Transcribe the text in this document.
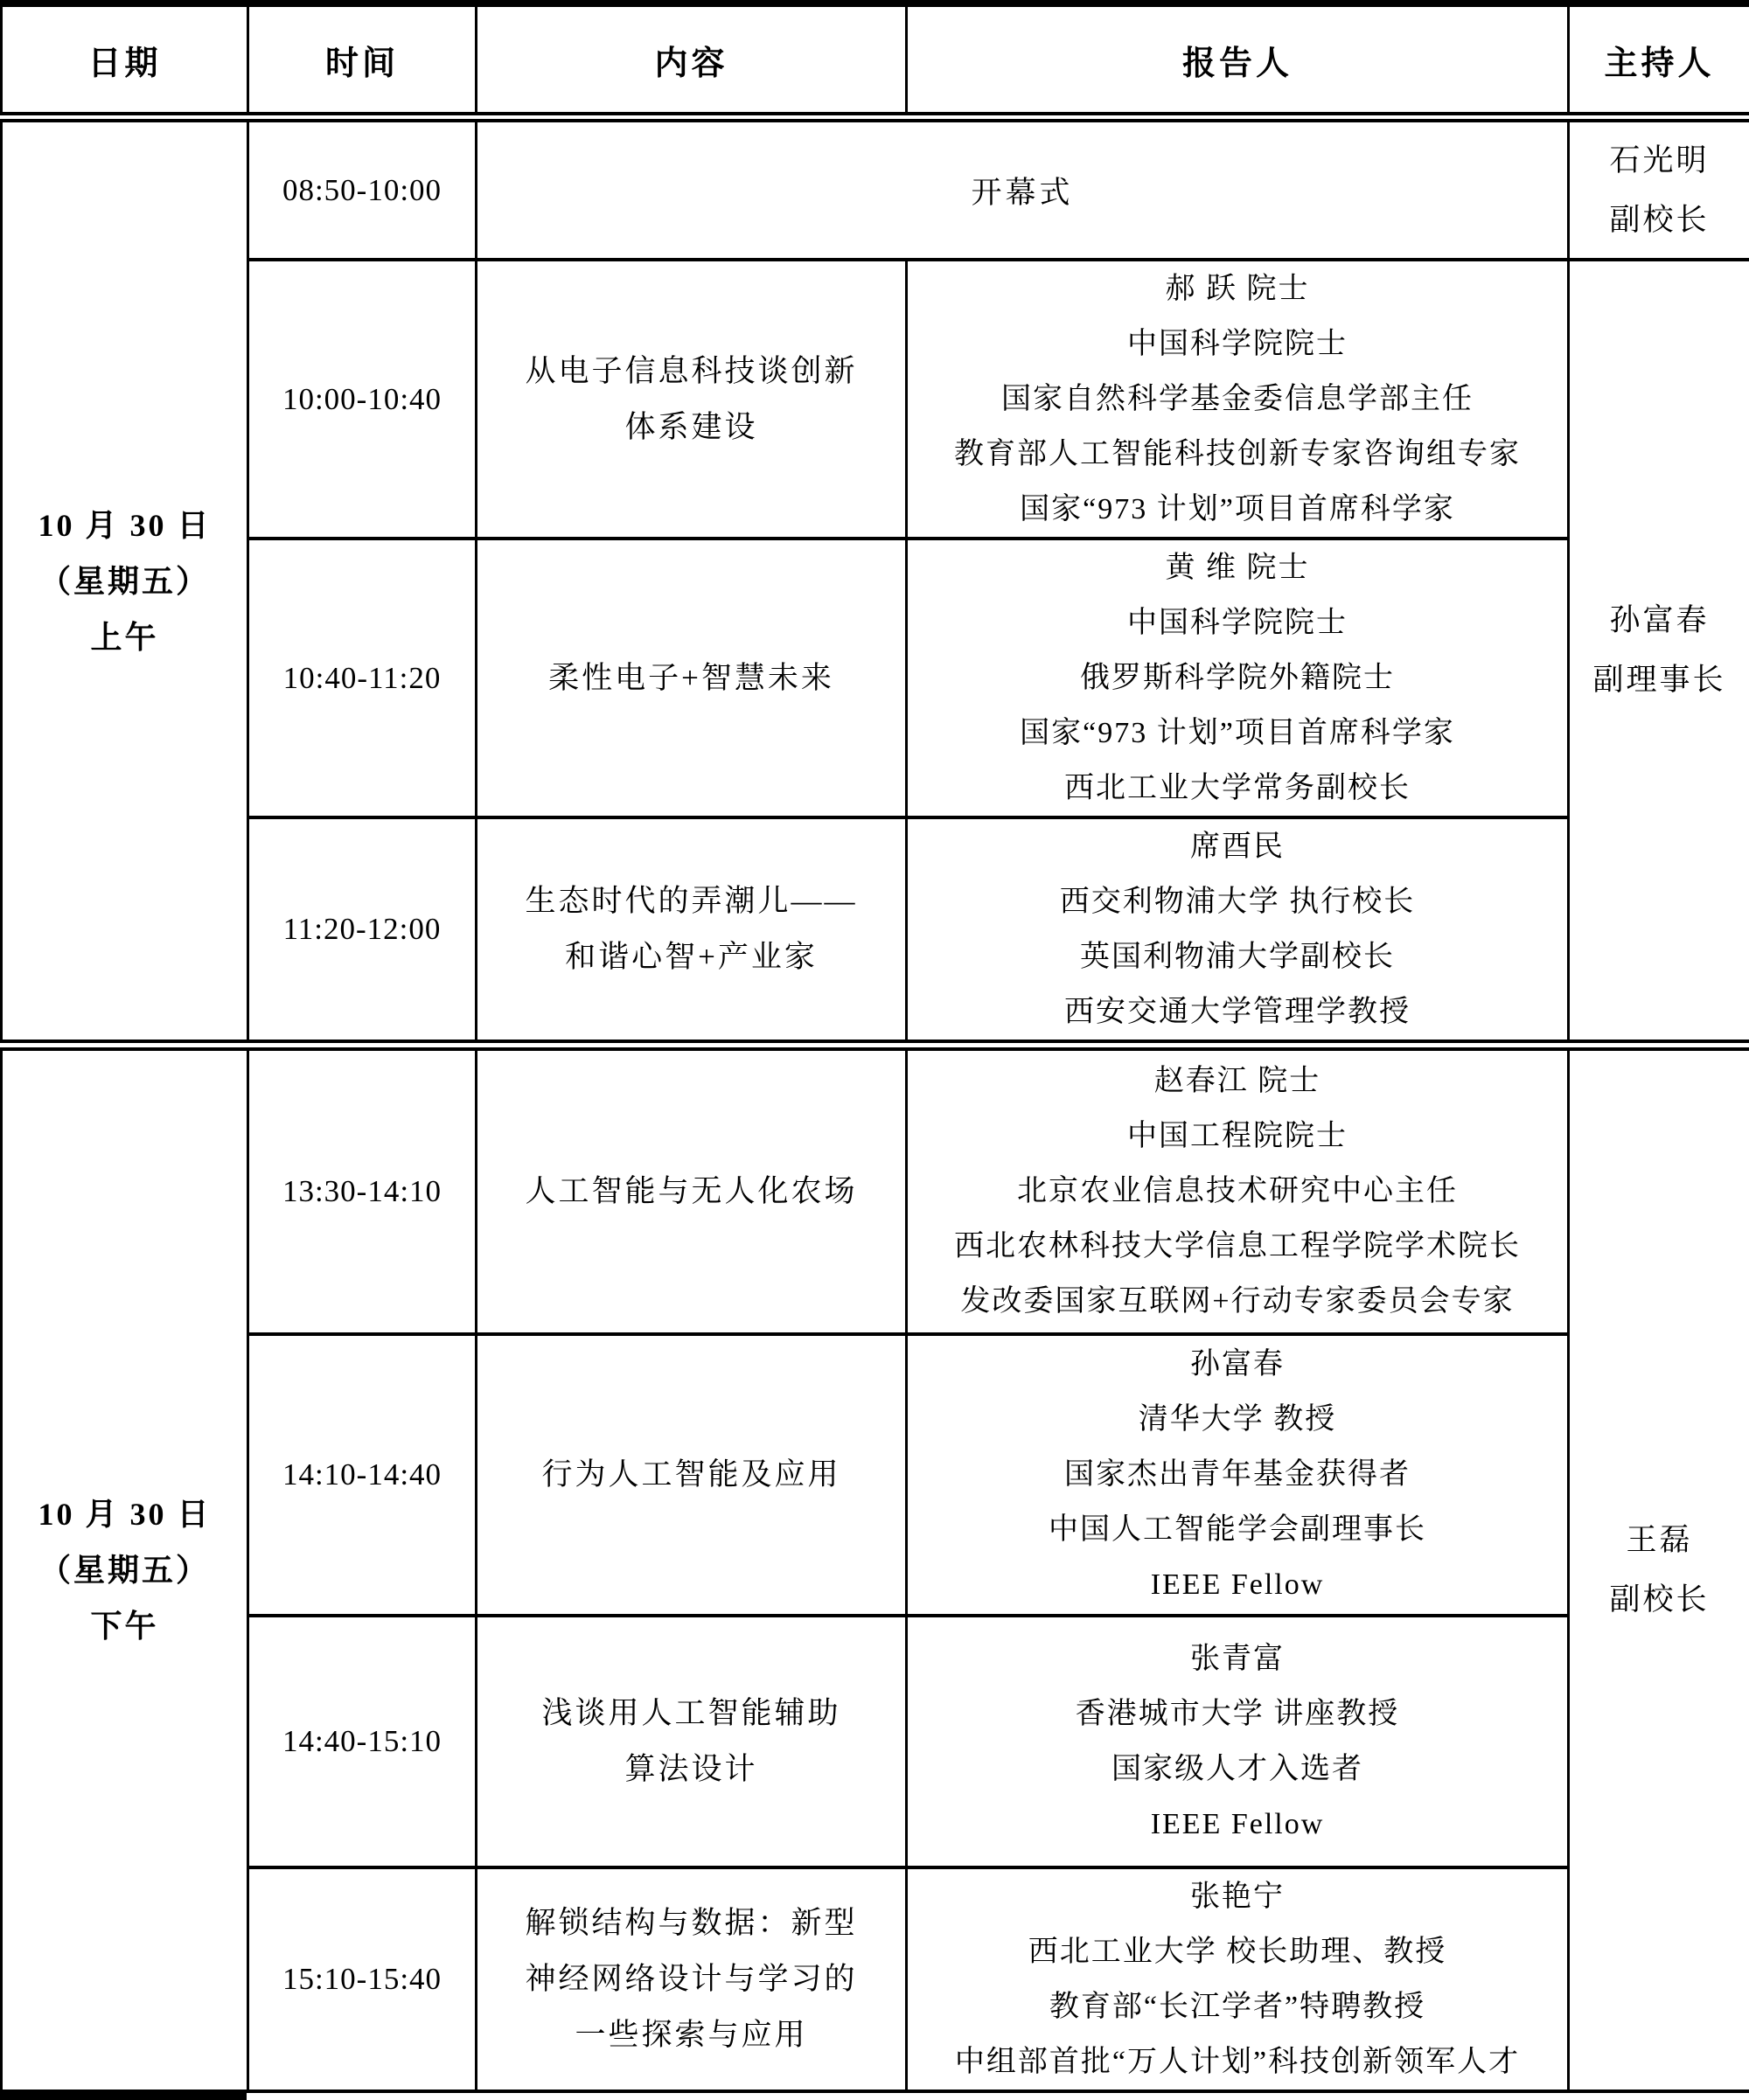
日期	时间	内容	报告人	主持人

10 月 30 日
（星期五）
上午	08:50-10:00	开幕式		石光明
副校长

	10:00-10:40	从电子信息科技谈创新
体系建设	郝 跃 院士
中国科学院院士
国家自然科学基金委信息学部主任
教育部人工智能科技创新专家咨询组专家
国家“973 计划”项目首席科学家	孙富春
副理事长

	10:40-11:20	柔性电子+智慧未来	黄 维 院士
中国科学院院士
俄罗斯科学院外籍院士
国家“973 计划”项目首席科学家
西北工业大学常务副校长	

	11:20-12:00	生态时代的弄潮儿——
和谐心智+产业家	席酉民
西交利物浦大学 执行校长
英国利物浦大学副校长
西安交通大学管理学教授	

10 月 30 日
（星期五）
下午	13:30-14:10	人工智能与无人化农场	赵春江 院士
中国工程院院士
北京农业信息技术研究中心主任
西北农林科技大学信息工程学院学术院长
发改委国家互联网+行动专家委员会专家	王磊
副校长

	14:10-14:40	行为人工智能及应用	孙富春
清华大学 教授
国家杰出青年基金获得者
中国人工智能学会副理事长
IEEE Fellow	

	14:40-15:10	浅谈用人工智能辅助
算法设计	张青富
香港城市大学 讲座教授
国家级人才入选者
IEEE Fellow	

	15:10-15:40	解锁结构与数据：新型
神经网络设计与学习的
一些探索与应用	张艳宁
西北工业大学 校长助理、教授
教育部“长江学者”特聘教授
中组部首批“万人计划”科技创新领军人才	
